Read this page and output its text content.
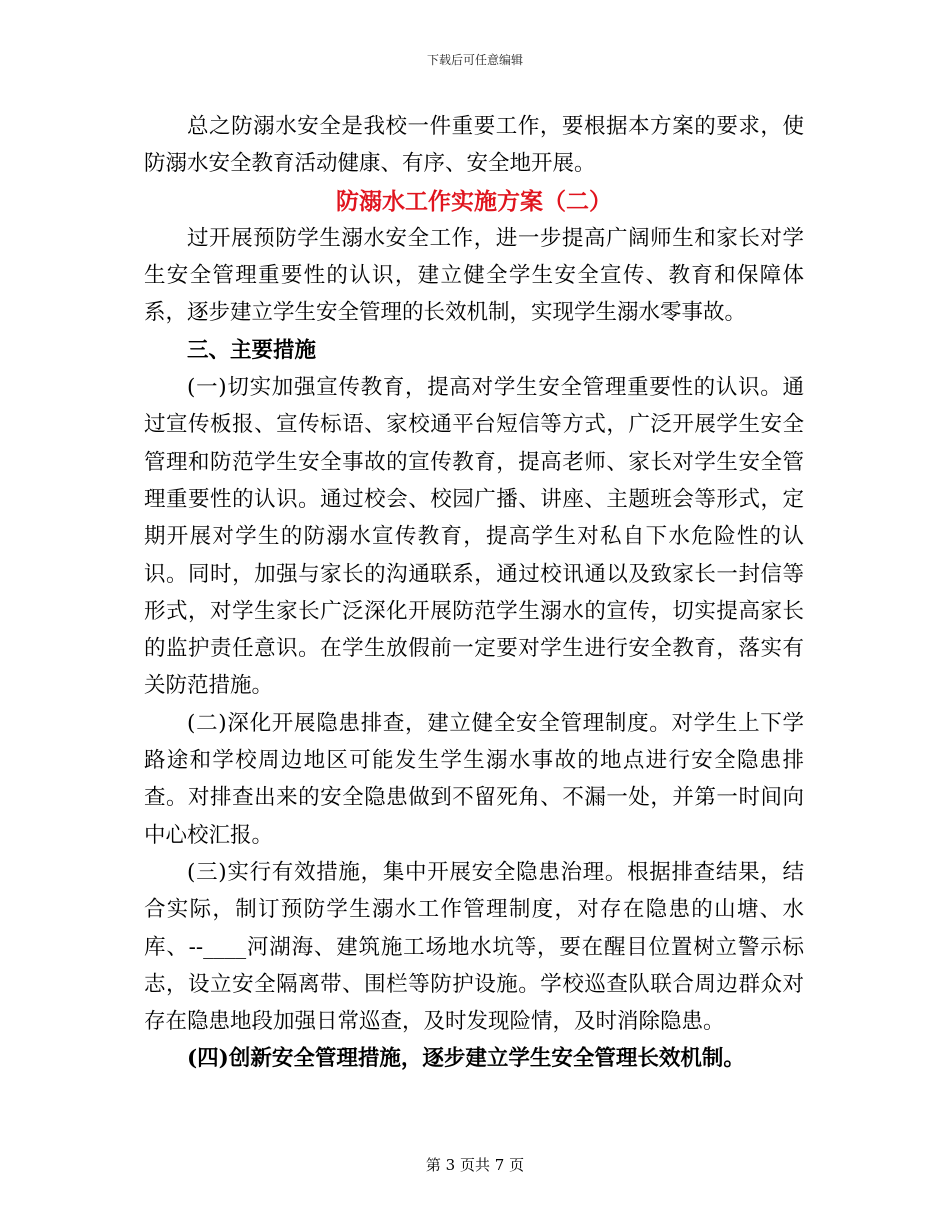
下载后可任意编辑

总之防溺水安全是我校一件重要工作，要根据本方案的要求，使防溺水安全教育活动健康、有序、安全地开展。

防溺水工作实施方案（二）

过开展预防学生溺水安全工作，进一步提高广阔师生和家长对学生安全管理重要性的认识，建立健全学生安全宣传、教育和保障体系，逐步建立学生安全管理的长效机制，实现学生溺水零事故。

三、主要措施

(一)切实加强宣传教育，提高对学生安全管理重要性的认识。通过宣传板报、宣传标语、家校通平台短信等方式，广泛开展学生安全管理和防范学生安全事故的宣传教育，提高老师、家长对学生安全管理重要性的认识。通过校会、校园广播、讲座、主题班会等形式，定期开展对学生的防溺水宣传教育，提高学生对私自下水危险性的认识。同时，加强与家长的沟通联系，通过校讯通以及致家长一封信等形式，对学生家长广泛深化开展防范学生溺水的宣传，切实提高家长的监护责任意识。在学生放假前一定要对学生进行安全教育，落实有关防范措施。

(二)深化开展隐患排查，建立健全安全管理制度。对学生上下学路途和学校周边地区可能发生学生溺水事故的地点进行安全隐患排查。对排查出来的安全隐患做到不留死角、不漏一处，并第一时间向中心校汇报。

(三)实行有效措施，集中开展安全隐患治理。根据排查结果，结合实际，制订预防学生溺水工作管理制度，对存在隐患的山塘、水库、--____河湖海、建筑施工场地水坑等，要在醒目位置树立警示标志，设立安全隔离带、围栏等防护设施。学校巡查队联合周边群众对存在隐患地段加强日常巡查，及时发现险情，及时消除隐患。

(四)创新安全管理措施，逐步建立学生安全管理长效机制。

第 3 页共 7 页
